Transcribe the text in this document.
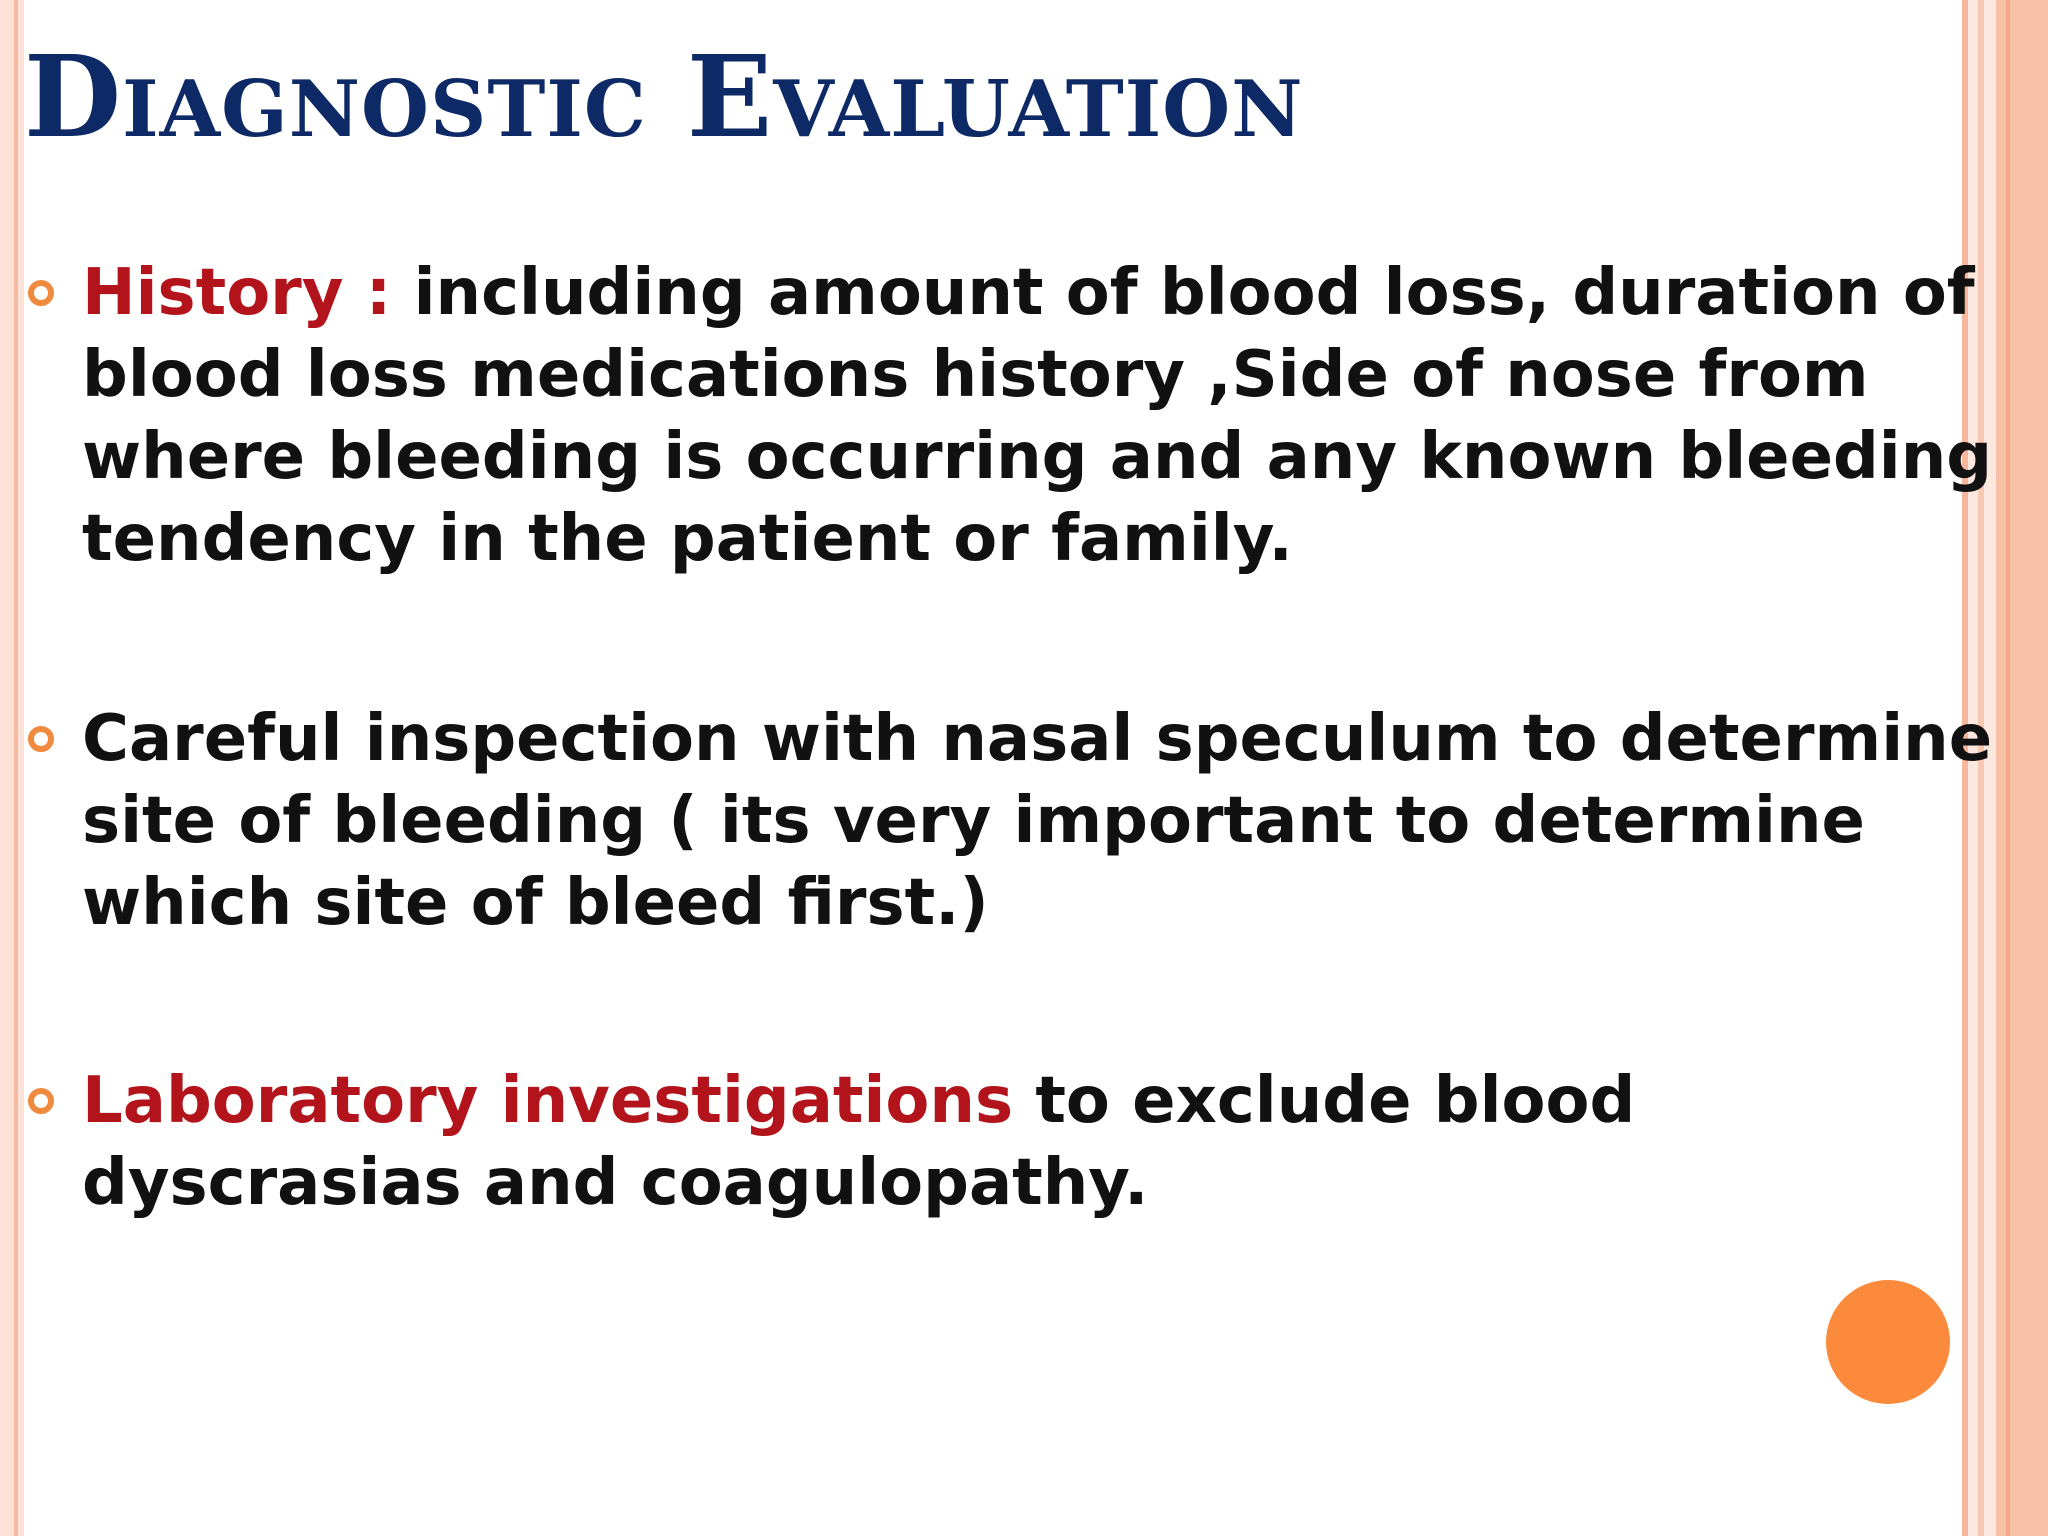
Diagnostic Evaluation
History : including amount of blood loss, duration of blood loss medications history ,Side of nose from where bleeding is occurring and any known bleeding tendency in the patient or family.
Careful inspection with nasal speculum to determine site of bleeding ( its very important to determine which site of bleed first.)
Laboratory investigations to exclude blood dyscrasias and coagulopathy.
